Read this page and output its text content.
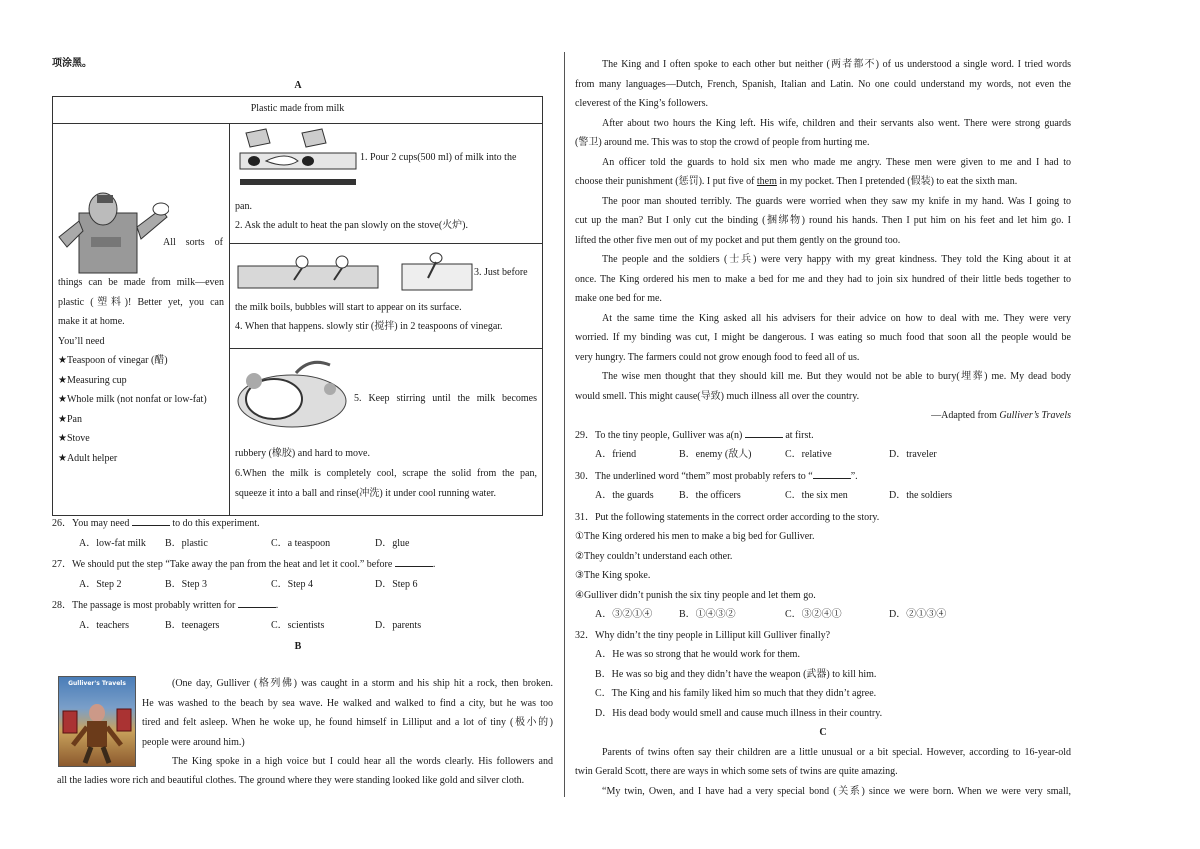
项涂黑。
A
Plastic made from milk
All sorts of
things can be made from milk—even
plastic (塑料)! Better yet, you can
make it at home.
You’ll need
★Teaspoon of vinegar (醋)
★Measuring cup
★Whole milk (not nonfat or low-fat)
★Pan
★Stove
★Adult helper
1. Pour 2 cups(500 ml) of milk into the
pan.
2. Ask the adult to heat the pan slowly on the stove(火炉).
3. Just before
the milk boils, bubbles will start to appear on its surface.
4. When that happens. slowly stir (搅拌) in 2 teaspoons of vinegar.
5. Keep stirring until the milk becomes
rubbery (橡胶) and hard to move.
6.When the milk is completely cool, scrape the solid from the pan,
squeeze it into a ball and rinse(冲洗) it under cool running water.
26．You may need	to do this experiment.
A．low-fat milk B．plastic	C．a teaspoon	D．glue
27．We should put the step “Take away the pan from the heat and let it cool.” before	.
A．Step 2	B．Step 3	C．Step 4	D．Step 6
28．The passage is most probably written for	.
A．teachers	B．teenagers	C．scientists	D．parents
B
Gulliver's Travels	(One day, Gulliver (格列佛) was caught in a storm and his ship hit a rock, then broken.
He was washed to the beach by sea wave. He walked and walked to find a city, but he was too
tired and felt asleep. When he woke up, he found himself in Lilliput and a lot of tiny (极小的)
people were around him.)
The King spoke in a high voice but I could hear all the words clearly. His followers and
all the ladies wore rich and beautiful clothes. The ground where they were standing looked like gold and silver cloth.
The King and I often spoke to each other but neither (两者都不) of us understood a single word. I tried words
from many languages—Dutch, French, Spanish, Italian and Latin. No one could understand my words, not even the
cleverest of the King’s followers.
After about two hours the King left. His wife, children and their servants also went. There were strong guards
(警卫) around me. This was to stop the crowd of people from hurting me.
An officer told the guards to hold six men who made me angry. These men were given to me and I had to
choose their punishment (惩罚). I put five of them in my pocket. Then I pretended (假装) to eat the sixth man.
The poor man shouted terribly. The guards were worried when they saw my knife in my hand. Was I going to
cut up the man? But I only cut the binding (捆绑物) round his hands. Then I put him on his feet and let him go. I
lifted the other five men out of my pocket and put them gently on the ground too.
The people and the soldiers (士兵) were very happy with my great kindness. They told the King about it at
once. The King ordered his men to make a bed for me and they had to join six hundred of their little beds together to
make one bed for me.
At the same time the King asked all his advisers for their advice on how to deal with me. They were very
worried. If my binding was cut, I might be dangerous. I was eating so much food that soon all the people would be
very hungry. The farmers could not grow enough food to feed all of us.
The wise men thought that they should kill me. But they would not be able to bury(埋葬) me. My dead body
would smell. This might cause(导致) much illness all over the country.
—Adapted from Gulliver’s Travels
29．To the tiny people, Gulliver was a(n)	at first.
A．friend	B．enemy (敌人)	C．relative	D．traveler
30．The underlined word “them” most probably refers to “	”.
A．the guards	B．the officers	C．the six men	D．the soldiers
31．Put the following statements in the correct order according to the story.
①The King ordered his men to make a big bed for Gulliver.
②They couldn’t understand each other.
③The King spoke.
④Gulliver didn’t punish the six tiny people and let them go.
A．③②①④	B．①④③②	C．③②④①	D．②①③④
32．Why didn’t the tiny people in Lilliput kill Gulliver finally?
A．He was so strong that he would work for them.
B．He was so big and they didn’t have the weapon (武器) to kill him.
C．The King and his family liked him so much that they didn’t agree.
D．His dead body would smell and cause much illness in their country.
C
Parents of twins often say their children are a little unusual or a bit special. However, according to 16-year-old
twin Gerald Scott, there are ways in which some sets of twins are quite amazing.
“My twin, Owen, and I have had a very special bond (关系) since we were born. When we were very small,
